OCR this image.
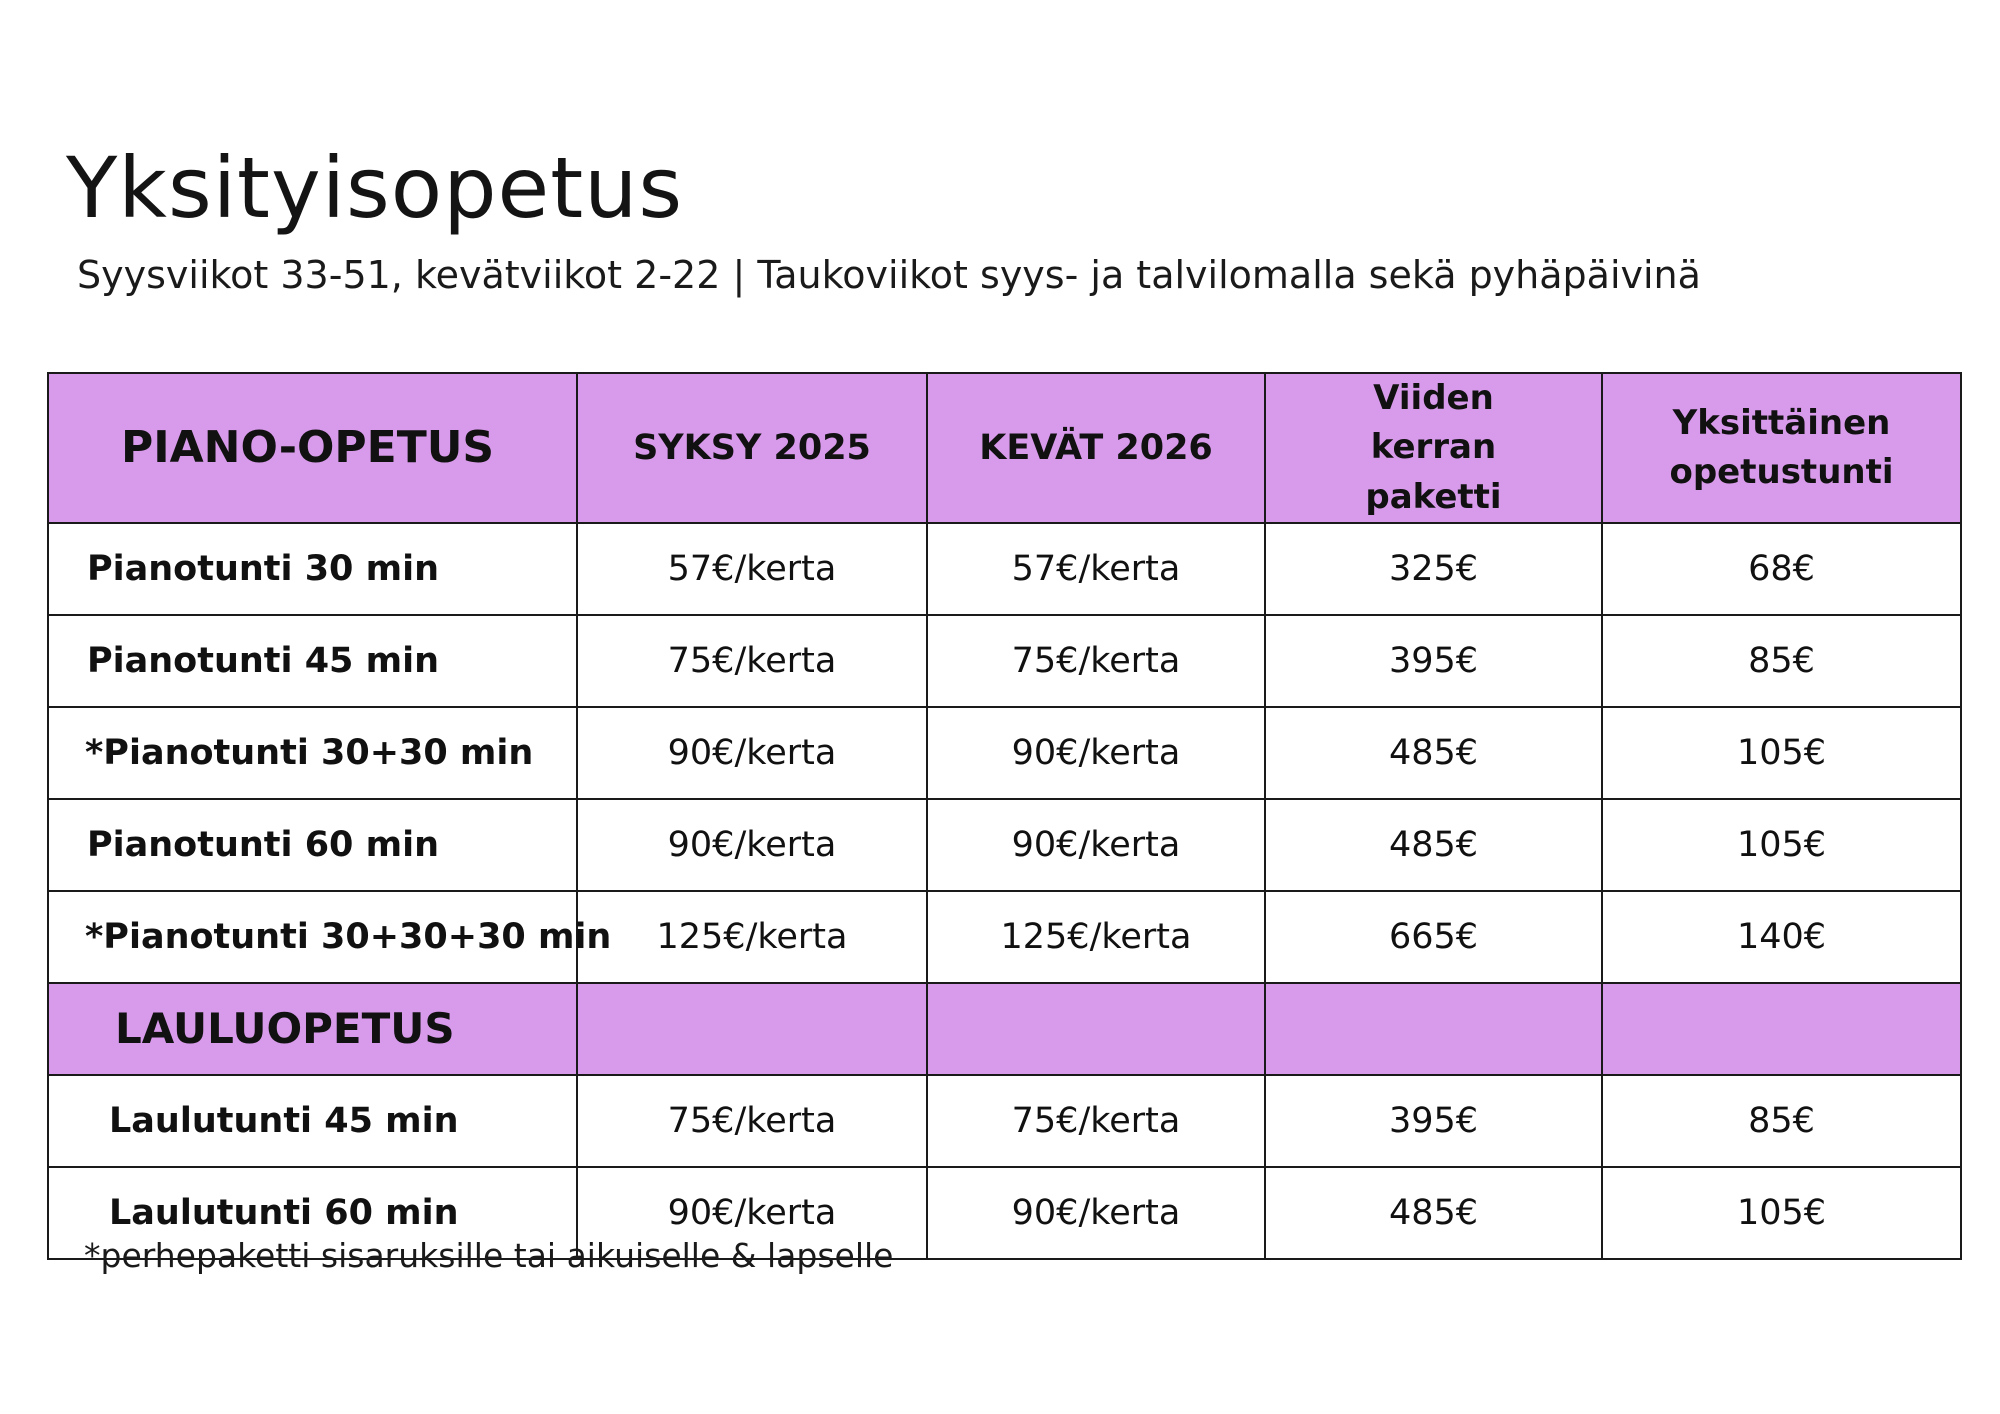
Yksityisopetus

Syysviikot 33-51, kevätviikot 2-22 | Taukoviikot syys- ja talvilomalla sekä pyhäpäivinä

PIANO-OPETUS	SYKSY 2025	KEVÄT 2026	Viiden kerran paketti	Yksittäinen opetustunti
Pianotunti 30 min	57€/kerta	57€/kerta	325€	68€
Pianotunti 45 min	75€/kerta	75€/kerta	395€	85€
*Pianotunti 30+30 min	90€/kerta	90€/kerta	485€	105€
Pianotunti 60 min	90€/kerta	90€/kerta	485€	105€
*Pianotunti 30+30+30 min	125€/kerta	125€/kerta	665€	140€
LAULUOPETUS				
Laulutunti 45 min	75€/kerta	75€/kerta	395€	85€
Laulutunti 60 min	90€/kerta	90€/kerta	485€	105€

*perhepaketti sisaruksille tai aikuiselle & lapselle
